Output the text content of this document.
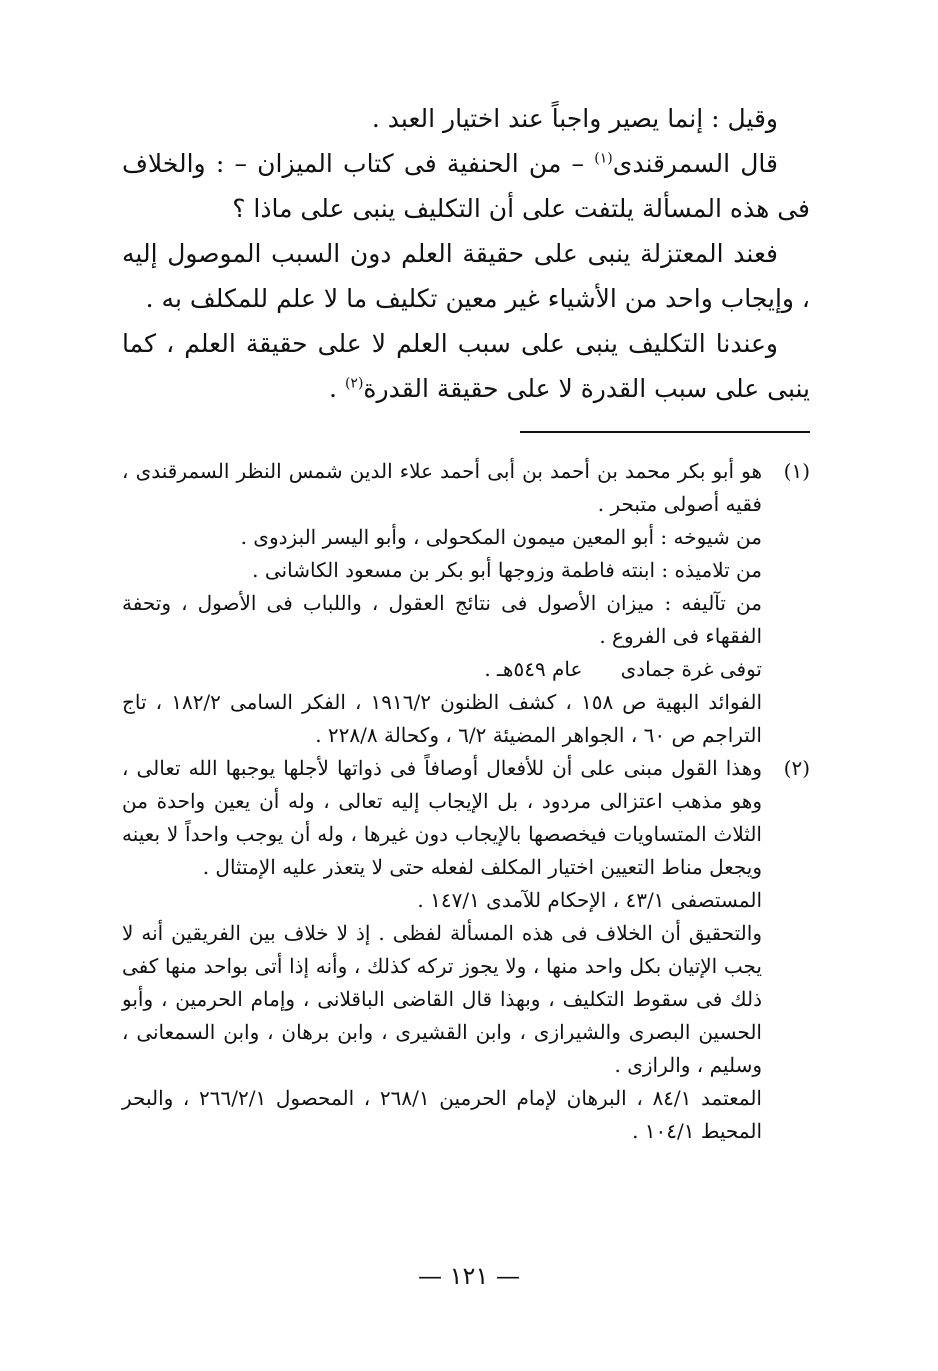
وقيل : إنما يصير واجباً عند اختيار العبد .

قال السمرقندى$^{(١)}$ – من الحنفية فى كتاب الميزان – : والخلاف فى هذه المسألة يلتفت على أن التكليف ينبى على ماذا ؟

فعند المعتزلة ينبى على حقيقة العلم دون السبب الموصول إليه ، وإيجاب واحد من الأشياء غير معين تكليف ما لا علم للمكلف به .

وعندنا التكليف ينبى على سبب العلم لا على حقيقة العلم ، كما ينبى على سبب القدرة لا على حقيقة القدرة$^{(٢)}$ .

(١)

هو أبو بكر محمد بن أحمد بن أبى أحمد علاء الدين شمس النظر السمرقندى ، فقيه أصولى متبحر .

من شيوخه : أبو المعين ميمون المكحولى ، وأبو اليسر البزدوى .

من تلاميذه : ابنته فاطمة وزوجها أبو بكر بن مسعود الكاشانى .

من تآليفه : ميزان الأصول فى نتائج العقول ، واللباب فى الأصول ، وتحفة الفقهاء فى الفروع .

توفى غرة جمادى      عام ٥٤٩هـ .

الفوائد البهية ص ١٥٨ ، كشف الظنون ١٩١٦/٢ ، الفكر السامى ١٨٢/٢ ، تاج التراجم ص ٦٠ ، الجواهر المضيئة ٦/٢ ، وكحالة ٢٢٨/٨ .

(٢)

وهذا القول مبنى على أن للأفعال أوصافاً فى ذواتها لأجلها يوجبها الله تعالى ، وهو مذهب اعتزالى مردود ، بل الإيجاب إليه تعالى ، وله أن يعين واحدة من الثلاث المتساويات فيخصصها بالإيجاب دون غيرها ، وله أن يوجب واحداً لا بعينه ويجعل مناط التعيين اختيار المكلف لفعله حتى لا يتعذر عليه الإمتثال .

المستصفى ٤٣/١ ، الإحكام للآمدى ١٤٧/١ .

والتحقيق أن الخلاف فى هذه المسألة لفظى . إذ لا خلاف بين الفريقين أنه لا يجب الإتيان بكل واحد منها ، ولا يجوز تركه كذلك ، وأنه إذا أتى بواحد منها كفى ذلك فى سقوط التكليف ، وبهذا قال القاضى الباقلانى ، وإمام الحرمين ، وأبو الحسين البصرى والشيرازى ، وابن القشيرى ، وابن برهان ، وابن السمعانى ، وسليم ، والرازى .

المعتمد ٨٤/١ ، البرهان لإمام الحرمين ٢٦٨/١ ، المحصول ٢٦٦/٢/١ ، والبحر المحيط ١٠٤/١ .

— ١٢١ —
